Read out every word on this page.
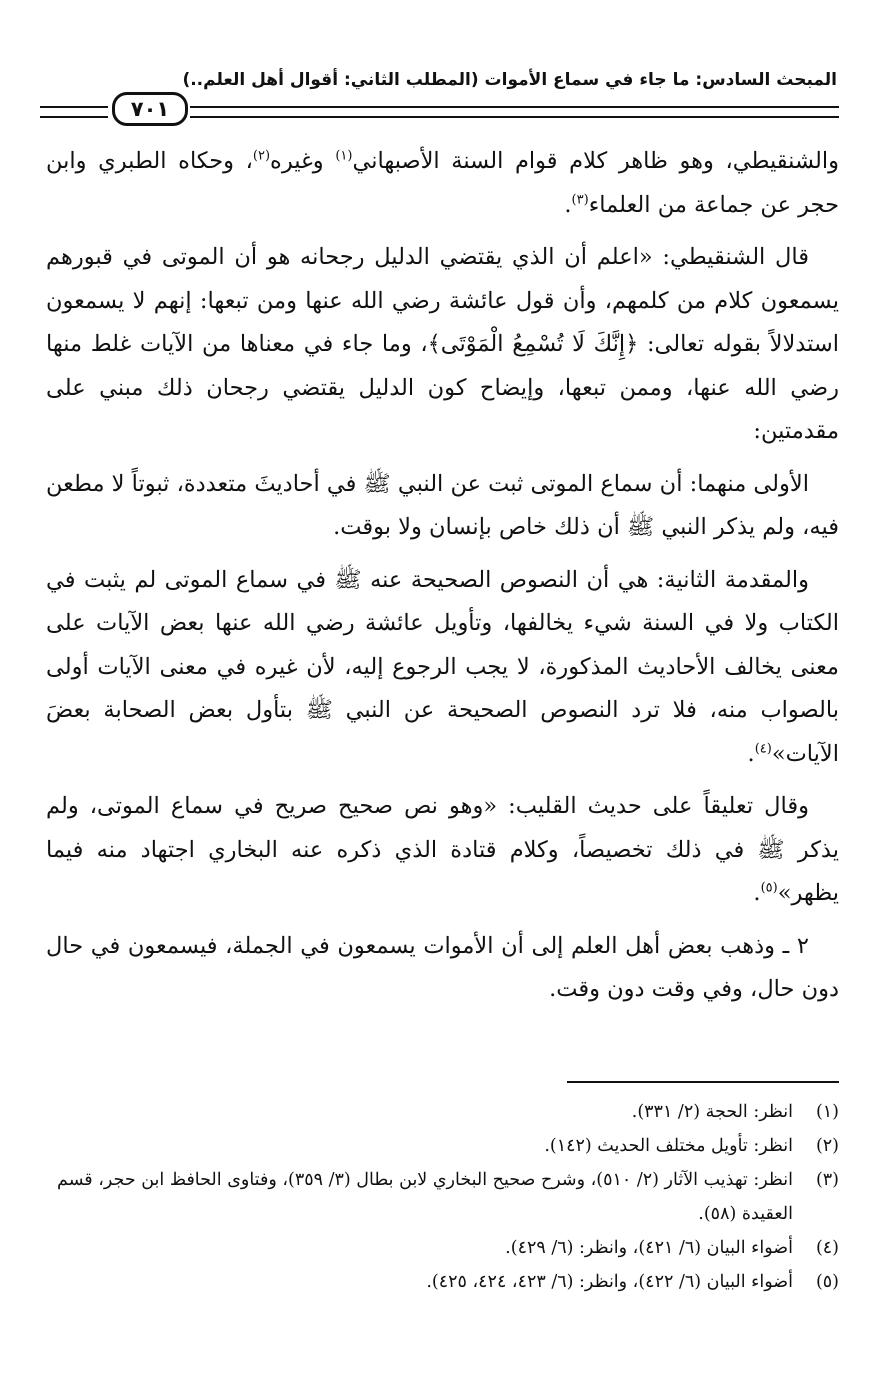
المبحث السادس: ما جاء في سماع الأموات (المطلب الثاني: أقوال أهل العلم..)
٧٠١

والشنقيطي، وهو ظاهر كلام قوام السنة الأصبهاني$^{(١)}$ وغيره$^{(٢)}$، وحكاه الطبري وابن حجر عن جماعة من العلماء$^{(٣)}$.

قال الشنقيطي: «اعلم أن الذي يقتضي الدليل رجحانه هو أن الموتى في قبورهم يسمعون كلام من كلمهم، وأن قول عائشة رضي الله عنها ومن تبعها: إنهم لا يسمعون استدلالاً بقوله تعالى: ﴿إِنَّكَ لَا تُسْمِعُ الْمَوْتَى﴾، وما جاء في معناها من الآيات غلط منها رضي الله عنها، وممن تبعها، وإيضاح كون الدليل يقتضي رجحان ذلك مبني على مقدمتين:

الأولى منهما: أن سماع الموتى ثبت عن النبي ﷺ في أحاديثَ متعددة، ثبوتاً لا مطعن فيه، ولم يذكر النبي ﷺ أن ذلك خاص بإنسان ولا بوقت.

والمقدمة الثانية: هي أن النصوص الصحيحة عنه ﷺ في سماع الموتى لم يثبت في الكتاب ولا في السنة شيء يخالفها، وتأويل عائشة رضي الله عنها بعض الآيات على معنى يخالف الأحاديث المذكورة، لا يجب الرجوع إليه، لأن غيره في معنى الآيات أولى بالصواب منه، فلا ترد النصوص الصحيحة عن النبي ﷺ بتأول بعض الصحابة بعضَ الآيات»$^{(٤)}$.

وقال تعليقاً على حديث القليب: «وهو نص صحيح صريح في سماع الموتى، ولم يذكر ﷺ في ذلك تخصيصاً، وكلام قتادة الذي ذكره عنه البخاري اجتهاد منه فيما يظهر»$^{(٥)}$.

٢ ـ وذهب بعض أهل العلم إلى أن الأموات يسمعون في الجملة، فيسمعون في حال دون حال، وفي وقت دون وقت.

(١)
انظر: الحجة (٢/ ٣٣١).
(٢)
انظر: تأويل مختلف الحديث (١٤٢).
(٣)
انظر: تهذيب الآثار (٢/ ٥١٠)، وشرح صحيح البخاري لابن بطال (٣/ ٣٥٩)، وفتاوى الحافظ ابن حجر، قسم العقيدة (٥٨).
(٤)
أضواء البيان (٦/ ٤٢١)، وانظر: (٦/ ٤٢٩).
(٥)
أضواء البيان (٦/ ٤٢٢)، وانظر: (٦/ ٤٢٣، ٤٢٤، ٤٢٥).
